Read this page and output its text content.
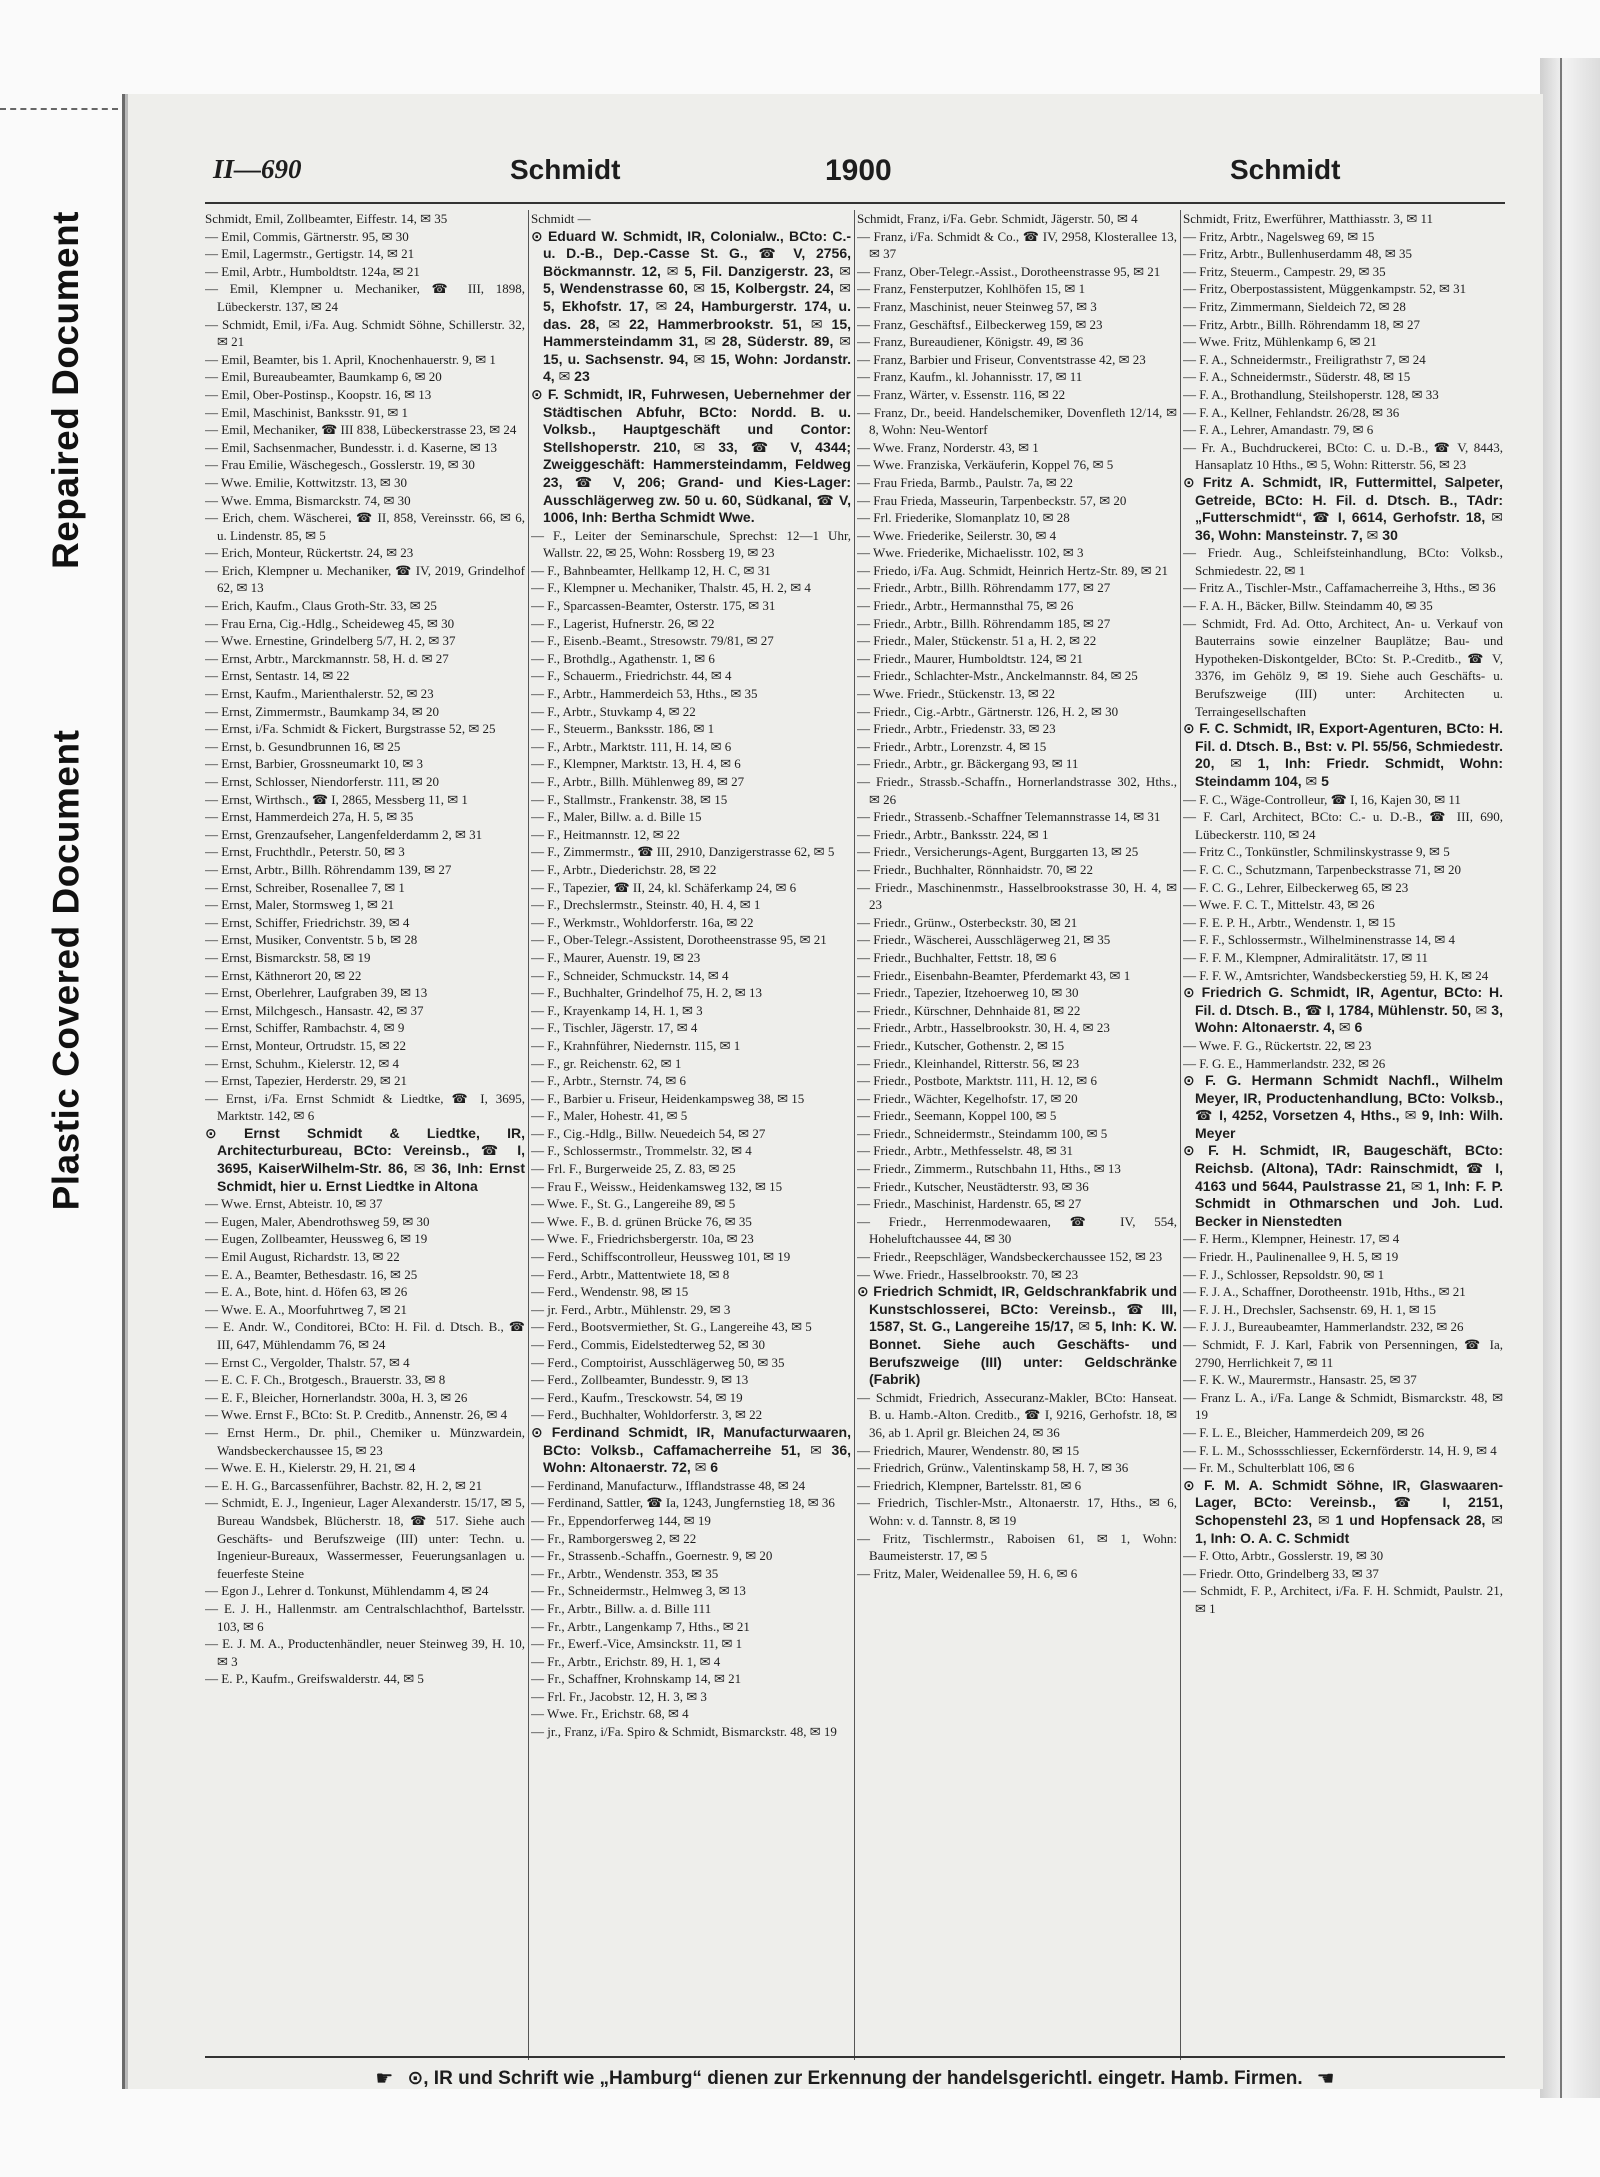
Repaired Document
Plastic Covered Document
II—690	Schmidt	1900	Schmidt

Schmidt, Emil, Zollbeamter, Eiffestr. 14, ✉ 35

— Emil, Commis, Gärtnerstr. 95, ✉ 30

— Emil, Lagermstr., Gertigstr. 14, ✉ 21

— Emil, Arbtr., Humboldtstr. 124a, ✉ 21

— Emil, Klempner u. Mechaniker, ☎ III, 1898, Lübeckerstr. 137, ✉ 24

— Schmidt, Emil, i/Fa. Aug. Schmidt Söhne, Schillerstr. 32, ✉ 21

— Emil, Beamter, bis 1. April, Knochenhauerstr. 9, ✉ 1

— Emil, Bureaubeamter, Baumkamp 6, ✉ 20

— Emil, Ober-Postinsp., Koopstr. 16, ✉ 13

— Emil, Maschinist, Banksstr. 91, ✉ 1

— Emil, Mechaniker, ☎ III 838, Lübeckerstrasse 23, ✉ 24

— Emil, Sachsenmacher, Bundesstr. i. d. Kaserne, ✉ 13

— Frau Emilie, Wäschegesch., Gosslerstr. 19, ✉ 30

— Wwe. Emilie, Kottwitzstr. 13, ✉ 30

— Wwe. Emma, Bismarckstr. 74, ✉ 30

— Erich, chem. Wäscherei, ☎ II, 858, Vereinsstr. 66, ✉ 6, u. Lindenstr. 85, ✉ 5

— Erich, Monteur, Rückertstr. 24, ✉ 23

— Erich, Klempner u. Mechaniker, ☎ IV, 2019, Grindelhof 62, ✉ 13

— Erich, Kaufm., Claus Groth-Str. 33, ✉ 25

— Frau Erna, Cig.-Hdlg., Scheideweg 45, ✉ 30

— Wwe. Ernestine, Grindelberg 5/7, H. 2, ✉ 37

— Ernst, Arbtr., Marckmannstr. 58, H. d. ✉ 27

— Ernst, Sentastr. 14, ✉ 22

— Ernst, Kaufm., Marienthalerstr. 52, ✉ 23

— Ernst, Zimmermstr., Baumkamp 34, ✉ 20

— Ernst, i/Fa. Schmidt & Fickert, Burgstrasse 52, ✉ 25

— Ernst, b. Gesundbrunnen 16, ✉ 25

— Ernst, Barbier, Grossneumarkt 10, ✉ 3

— Ernst, Schlosser, Niendorferstr. 111, ✉ 20

— Ernst, Wirthsch., ☎ I, 2865, Messberg 11, ✉ 1

— Ernst, Hammerdeich 27a, H. 5, ✉ 35

— Ernst, Grenzaufseher, Langenfelderdamm 2, ✉ 31

— Ernst, Fruchthdlr., Peterstr. 50, ✉ 3

— Ernst, Arbtr., Billh. Röhrendamm 139, ✉ 27

— Ernst, Schreiber, Rosenallee 7, ✉ 1

— Ernst, Maler, Stormsweg 1, ✉ 21

— Ernst, Schiffer, Friedrichstr. 39, ✉ 4

— Ernst, Musiker, Conventstr. 5 b, ✉ 28

— Ernst, Bismarckstr. 58, ✉ 19

— Ernst, Käthnerort 20, ✉ 22

— Ernst, Oberlehrer, Laufgraben 39, ✉ 13

— Ernst, Milchgesch., Hansastr. 42, ✉ 37

— Ernst, Schiffer, Rambachstr. 4, ✉ 9

— Ernst, Monteur, Ortrudstr. 15, ✉ 22

— Ernst, Schuhm., Kielerstr. 12, ✉ 4

— Ernst, Tapezier, Herderstr. 29, ✉ 21

— Ernst, i/Fa. Ernst Schmidt & Liedtke, ☎ I, 3695, Marktstr. 142, ✉ 6

⊙ Ernst Schmidt & Liedtke, IR, Architecturbureau, BCto: Vereinsb., ☎ I, 3695, KaiserWilhelm-Str. 86, ✉ 36, Inh: Ernst Schmidt, hier u. Ernst Liedtke in Altona

— Wwe. Ernst, Abteistr. 10, ✉ 37

— Eugen, Maler, Abendrothsweg 59, ✉ 30

— Eugen, Zollbeamter, Heussweg 6, ✉ 19

— Emil August, Richardstr. 13, ✉ 22

— E. A., Beamter, Bethesdastr. 16, ✉ 25

— E. A., Bote, hint. d. Höfen 63, ✉ 26

— Wwe. E. A., Moorfuhrtweg 7, ✉ 21

— E. Andr. W., Conditorei, BCto: H. Fil. d. Dtsch. B., ☎ III, 647, Mühlendamm 76, ✉ 24

— Ernst C., Vergolder, Thalstr. 57, ✉ 4

— E. C. F. Ch., Brotgesch., Brauerstr. 33, ✉ 8

— E. F., Bleicher, Hornerlandstr. 300a, H. 3, ✉ 26

— Wwe. Ernst F., BCto: St. P. Creditb., Annenstr. 26, ✉ 4

— Ernst Herm., Dr. phil., Chemiker u. Münzwardein, Wandsbeckerchaussee 15, ✉ 23

— Wwe. E. H., Kielerstr. 29, H. 21, ✉ 4

— E. H. G., Barcassenführer, Bachstr. 82, H. 2, ✉ 21

— Schmidt, E. J., Ingenieur, Lager Alexanderstr. 15/17, ✉ 5, Bureau Wandsbek, Blücherstr. 18, ☎ 517. Siehe auch Geschäfts- und Berufszweige (III) unter: Techn. u. Ingenieur-Bureaux, Wassermesser, Feuerungsanlagen u. feuerfeste Steine

— Egon J., Lehrer d. Tonkunst, Mühlendamm 4, ✉ 24

— E. J. H., Hallenmstr. am Centralschlachthof, Bartelsstr. 103, ✉ 6

— E. J. M. A., Productenhändler, neuer Steinweg 39, H. 10, ✉ 3

— E. P., Kaufm., Greifswalderstr. 44, ✉ 5

Schmidt —

⊙ Eduard W. Schmidt, IR, Colonialw., BCto: C.- u. D.-B., Dep.-Casse St. G., ☎ V, 2756, Böckmannstr. 12, ✉ 5, Fil. Danzigerstr. 23, ✉ 5, Wendenstrasse 60, ✉ 15, Kolbergstr. 24, ✉ 5, Ekhofstr. 17, ✉ 24, Hamburgerstr. 174, u. das. 28, ✉ 22, Hammerbrookstr. 51, ✉ 15, Hammersteindamm 31, ✉ 28, Süderstr. 89, ✉ 15, u. Sachsenstr. 94, ✉ 15, Wohn: Jordanstr. 4, ✉ 23

⊙ F. Schmidt, IR, Fuhrwesen, Uebernehmer der Städtischen Abfuhr, BCto: Nordd. B. u. Volksb., Hauptgeschäft und Contor: Stellshoperstr. 210, ✉ 33, ☎ V, 4344; Zweiggeschäft: Hammersteindamm, Feldweg 23, ☎ V, 206; Grand- und Kies-Lager: Ausschlägerweg zw. 50 u. 60, Südkanal, ☎ V, 1006, Inh: Bertha Schmidt Wwe.

— F., Leiter der Seminarschule, Sprechst: 12—1 Uhr, Wallstr. 22, ✉ 25, Wohn: Rossberg 19, ✉ 23

— F., Bahnbeamter, Hellkamp 12, H. C, ✉ 31

— F., Klempner u. Mechaniker, Thalstr. 45, H. 2, ✉ 4

— F., Sparcassen-Beamter, Osterstr. 175, ✉ 31

— F., Lagerist, Hufnerstr. 26, ✉ 22

— F., Eisenb.-Beamt., Stresowstr. 79/81, ✉ 27

— F., Brothdlg., Agathenstr. 1, ✉ 6

— F., Schauerm., Friedrichstr. 44, ✉ 4

— F., Arbtr., Hammerdeich 53, Hths., ✉ 35

— F., Arbtr., Stuvkamp 4, ✉ 22

— F., Steuerm., Banksstr. 186, ✉ 1

— F., Arbtr., Marktstr. 111, H. 14, ✉ 6

— F., Klempner, Marktstr. 13, H. 4, ✉ 6

— F., Arbtr., Billh. Mühlenweg 89, ✉ 27

— F., Stallmstr., Frankenstr. 38, ✉ 15

— F., Maler, Billw. a. d. Bille 15

— F., Heitmannstr. 12, ✉ 22

— F., Zimmermstr., ☎ III, 2910, Danzigerstrasse 62, ✉ 5

— F., Arbtr., Diederichstr. 28, ✉ 22

— F., Tapezier, ☎ II, 24, kl. Schäferkamp 24, ✉ 6

— F., Drechslermstr., Steinstr. 40, H. 4, ✉ 1

— F., Werkmstr., Wohldorferstr. 16a, ✉ 22

— F., Ober-Telegr.-Assistent, Dorotheenstrasse 95, ✉ 21

— F., Maurer, Auenstr. 19, ✉ 23

— F., Schneider, Schmuckstr. 14, ✉ 4

— F., Buchhalter, Grindelhof 75, H. 2, ✉ 13

— F., Krayenkamp 14, H. 1, ✉ 3

— F., Tischler, Jägerstr. 17, ✉ 4

— F., Krahnführer, Niedernstr. 115, ✉ 1

— F., gr. Reichenstr. 62, ✉ 1

— F., Arbtr., Sternstr. 74, ✉ 6

— F., Barbier u. Friseur, Heidenkampsweg 38, ✉ 15

— F., Maler, Hohestr. 41, ✉ 5

— F., Cig.-Hdlg., Billw. Neuedeich 54, ✉ 27

— F., Schlossermstr., Trommelstr. 32, ✉ 4

— Frl. F., Burgerweide 25, Z. 83, ✉ 25

— Frau F., Weissw., Heidenkamsweg 132, ✉ 15

— Wwe. F., St. G., Langereihe 89, ✉ 5

— Wwe. F., B. d. grünen Brücke 76, ✉ 35

— Wwe. F., Friedrichsbergerstr. 10a, ✉ 23

— Ferd., Schiffscontrolleur, Heussweg 101, ✉ 19

— Ferd., Arbtr., Mattentwiete 18, ✉ 8

— Ferd., Wendenstr. 98, ✉ 15

— jr. Ferd., Arbtr., Mühlenstr. 29, ✉ 3

— Ferd., Bootsvermiether, St. G., Langereihe 43, ✉ 5

— Ferd., Commis, Eidelstedterweg 52, ✉ 30

— Ferd., Comptoirist, Ausschlägerweg 50, ✉ 35

— Ferd., Zollbeamter, Bundesstr. 9, ✉ 13

— Ferd., Kaufm., Tresckowstr. 54, ✉ 19

— Ferd., Buchhalter, Wohldorferstr. 3, ✉ 22

⊙ Ferdinand Schmidt, IR, Manufacturwaaren, BCto: Volksb., Caffamacherreihe 51, ✉ 36, Wohn: Altonaerstr. 72, ✉ 6

— Ferdinand, Manufacturw., Ifflandstrasse 48, ✉ 24

— Ferdinand, Sattler, ☎ Ia, 1243, Jungfernstieg 18, ✉ 36

— Fr., Eppendorferweg 144, ✉ 19

— Fr., Ramborgersweg 2, ✉ 22

— Fr., Strassenb.-Schaffn., Goernestr. 9, ✉ 20

— Fr., Arbtr., Wendenstr. 353, ✉ 35

— Fr., Schneidermstr., Helmweg 3, ✉ 13

— Fr., Arbtr., Billw. a. d. Bille 111

— Fr., Arbtr., Langenkamp 7, Hths., ✉ 21

— Fr., Ewerf.-Vice, Amsinckstr. 11, ✉ 1

— Fr., Arbtr., Erichstr. 89, H. 1, ✉ 4

— Fr., Schaffner, Krohnskamp 14, ✉ 21

— Frl. Fr., Jacobstr. 12, H. 3, ✉ 3

— Wwe. Fr., Erichstr. 68, ✉ 4

— jr., Franz, i/Fa. Spiro & Schmidt, Bismarckstr. 48, ✉ 19

Schmidt, Franz, i/Fa. Gebr. Schmidt, Jägerstr. 50, ✉ 4

— Franz, i/Fa. Schmidt & Co., ☎ IV, 2958, Klosterallee 13, ✉ 37

— Franz, Ober-Telegr.-Assist., Dorotheenstrasse 95, ✉ 21

— Franz, Fensterputzer, Kohlhöfen 15, ✉ 1

— Franz, Maschinist, neuer Steinweg 57, ✉ 3

— Franz, Geschäftsf., Eilbeckerweg 159, ✉ 23

— Franz, Bureaudiener, Königstr. 49, ✉ 36

— Franz, Barbier und Friseur, Conventstrasse 42, ✉ 23

— Franz, Kaufm., kl. Johannisstr. 17, ✉ 11

— Franz, Wärter, v. Essenstr. 116, ✉ 22

— Franz, Dr., beeid. Handelschemiker, Dovenfleth 12/14, ✉ 8, Wohn: Neu-Wentorf

— Wwe. Franz, Norderstr. 43, ✉ 1

— Wwe. Franziska, Verkäuferin, Koppel 76, ✉ 5

— Frau Frieda, Barmb., Paulstr. 7a, ✉ 22

— Frau Frieda, Masseurin, Tarpenbeckstr. 57, ✉ 20

— Frl. Friederike, Slomanplatz 10, ✉ 28

— Wwe. Friederike, Seilerstr. 30, ✉ 4

— Wwe. Friederike, Michaelisstr. 102, ✉ 3

— Friedo, i/Fa. Aug. Schmidt, Heinrich Hertz-Str. 89, ✉ 21

— Friedr., Arbtr., Billh. Röhrendamm 177, ✉ 27

— Friedr., Arbtr., Hermannsthal 75, ✉ 26

— Friedr., Arbtr., Billh. Röhrendamm 185, ✉ 27

— Friedr., Maler, Stückenstr. 51 a, H. 2, ✉ 22

— Friedr., Maurer, Humboldtstr. 124, ✉ 21

— Friedr., Schlachter-Mstr., Anckelmannstr. 84, ✉ 25

— Wwe. Friedr., Stückenstr. 13, ✉ 22

— Friedr., Cig.-Arbtr., Gärtnerstr. 126, H. 2, ✉ 30

— Friedr., Arbtr., Friedenstr. 33, ✉ 23

— Friedr., Arbtr., Lorenzstr. 4, ✉ 15

— Friedr., Arbtr., gr. Bäckergang 93, ✉ 11

— Friedr., Strassb.-Schaffn., Hornerlandstrasse 302, Hths., ✉ 26

— Friedr., Strassenb.-Schaffner Telemannstrasse 14, ✉ 31

— Friedr., Arbtr., Banksstr. 224, ✉ 1

— Friedr., Versicherungs-Agent, Burggarten 13, ✉ 25

— Friedr., Buchhalter, Rönnhaidstr. 70, ✉ 22

— Friedr., Maschinenmstr., Hasselbrookstrasse 30, H. 4, ✉ 23

— Friedr., Grünw., Osterbeckstr. 30, ✉ 21

— Friedr., Wäscherei, Ausschlägerweg 21, ✉ 35

— Friedr., Buchhalter, Fettstr. 18, ✉ 6

— Friedr., Eisenbahn-Beamter, Pferdemarkt 43, ✉ 1

— Friedr., Tapezier, Itzehoerweg 10, ✉ 30

— Friedr., Kürschner, Dehnhaide 81, ✉ 22

— Friedr., Arbtr., Hasselbrookstr. 30, H. 4, ✉ 23

— Friedr., Kutscher, Gothenstr. 2, ✉ 15

— Friedr., Kleinhandel, Ritterstr. 56, ✉ 23

— Friedr., Postbote, Marktstr. 111, H. 12, ✉ 6

— Friedr., Wächter, Kegelhofstr. 17, ✉ 20

— Friedr., Seemann, Koppel 100, ✉ 5

— Friedr., Schneidermstr., Steindamm 100, ✉ 5

— Friedr., Arbtr., Methfesselstr. 48, ✉ 31

— Friedr., Zimmerm., Rutschbahn 11, Hths., ✉ 13

— Friedr., Kutscher, Neustädterstr. 93, ✉ 36

— Friedr., Maschinist, Hardenstr. 65, ✉ 27

— Friedr., Herrenmodewaaren, ☎ IV, 554, Hoheluftchaussee 44, ✉ 30

— Friedr., Reepschläger, Wandsbeckerchaussee 152, ✉ 23

— Wwe. Friedr., Hasselbrookstr. 70, ✉ 23

⊙ Friedrich Schmidt, IR, Geldschrankfabrik und Kunstschlosserei, BCto: Vereinsb., ☎ III, 1587, St. G., Langereihe 15/17, ✉ 5, Inh: K. W. Bonnet. Siehe auch Geschäfts- und Berufszweige (III) unter: Geldschränke (Fabrik)

— Schmidt, Friedrich, Assecuranz-Makler, BCto: Hanseat. B. u. Hamb.-Alton. Creditb., ☎ I, 9216, Gerhofstr. 18, ✉ 36, ab 1. April gr. Bleichen 24, ✉ 36

— Friedrich, Maurer, Wendenstr. 80, ✉ 15

— Friedrich, Grünw., Valentinskamp 58, H. 7, ✉ 36

— Friedrich, Klempner, Bartelsstr. 81, ✉ 6

— Friedrich, Tischler-Mstr., Altonaerstr. 17, Hths., ✉ 6, Wohn: v. d. Tannstr. 8, ✉ 19

— Fritz, Tischlermstr., Raboisen 61, ✉ 1, Wohn: Baumeisterstr. 17, ✉ 5

— Fritz, Maler, Weidenallee 59, H. 6, ✉ 6

Schmidt, Fritz, Ewerführer, Matthiasstr. 3, ✉ 11

— Fritz, Arbtr., Nagelsweg 69, ✉ 15

— Fritz, Arbtr., Bullenhuserdamm 48, ✉ 35

— Fritz, Steuerm., Campestr. 29, ✉ 35

— Fritz, Oberpostassistent, Müggenkampstr. 52, ✉ 31

— Fritz, Zimmermann, Sieldeich 72, ✉ 28

— Fritz, Arbtr., Billh. Röhrendamm 18, ✉ 27

— Wwe. Fritz, Mühlenkamp 6, ✉ 21

— F. A., Schneidermstr., Freiligrathstr 7, ✉ 24

— F. A., Schneidermstr., Süderstr. 48, ✉ 15

— F. A., Brothandlung, Steilshoperstr. 128, ✉ 33

— F. A., Kellner, Fehlandstr. 26/28, ✉ 36

— F. A., Lehrer, Amandastr. 79, ✉ 6

— Fr. A., Buchdruckerei, BCto: C. u. D.-B., ☎ V, 8443, Hansaplatz 10 Hths., ✉ 5, Wohn: Ritterstr. 56, ✉ 23

⊙ Fritz A. Schmidt, IR, Futtermittel, Salpeter, Getreide, BCto: H. Fil. d. Dtsch. B., TAdr: „Futterschmidt“, ☎ I, 6614, Gerhofstr. 18, ✉ 36, Wohn: Mansteinstr. 7, ✉ 30

— Friedr. Aug., Schleifsteinhandlung, BCto: Volksb., Schmiedestr. 22, ✉ 1

— Fritz A., Tischler-Mstr., Caffamacherreihe 3, Hths., ✉ 36

— F. A. H., Bäcker, Billw. Steindamm 40, ✉ 35

— Schmidt, Frd. Ad. Otto, Architect, An- u. Verkauf von Bauterrains sowie einzelner Bauplätze; Bau- und Hypotheken-Diskontgelder, BCto: St. P.-Creditb., ☎ V, 3376, im Gehölz 9, ✉ 19. Siehe auch Geschäfts- u. Berufszweige (III) unter: Architecten u. Terraingesellschaften

⊙ F. C. Schmidt, IR, Export-Agenturen, BCto: H. Fil. d. Dtsch. B., Bst: v. Pl. 55/56, Schmiedestr. 20, ✉ 1, Inh: Friedr. Schmidt, Wohn: Steindamm 104, ✉ 5

— F. C., Wäge-Controlleur, ☎ I, 16, Kajen 30, ✉ 11

— F. Carl, Architect, BCto: C.- u. D.-B., ☎ III, 690, Lübeckerstr. 110, ✉ 24

— Fritz C., Tonkünstler, Schmilinskystrasse 9, ✉ 5

— F. C. C., Schutzmann, Tarpenbeckstrasse 71, ✉ 20

— F. C. G., Lehrer, Eilbeckerweg 65, ✉ 23

— Wwe. F. C. T., Mittelstr. 43, ✉ 26

— F. E. P. H., Arbtr., Wendenstr. 1, ✉ 15

— F. F., Schlossermstr., Wilhelminenstrasse 14, ✉ 4

— F. F. M., Klempner, Admiralitätstr. 17, ✉ 11

— F. F. W., Amtsrichter, Wandsbeckerstieg 59, H. K, ✉ 24

⊙ Friedrich G. Schmidt, IR, Agentur, BCto: H. Fil. d. Dtsch. B., ☎ I, 1784, Mühlenstr. 50, ✉ 3, Wohn: Altonaerstr. 4, ✉ 6

— Wwe. F. G., Rückertstr. 22, ✉ 23

— F. G. E., Hammerlandstr. 232, ✉ 26

⊙ F. G. Hermann Schmidt Nachfl., Wilhelm Meyer, IR, Productenhandlung, BCto: Volksb., ☎ I, 4252, Vorsetzen 4, Hths., ✉ 9, Inh: Wilh. Meyer

⊙ F. H. Schmidt, IR, Baugeschäft, BCto: Reichsb. (Altona), TAdr: Rainschmidt, ☎ I, 4163 und 5644, Paulstrasse 21, ✉ 1, Inh: F. P. Schmidt in Othmarschen und Joh. Lud. Becker in Nienstedten

— F. Herm., Klempner, Heinestr. 17, ✉ 4

— Friedr. H., Paulinenallee 9, H. 5, ✉ 19

— F. J., Schlosser, Repsoldstr. 90, ✉ 1

— F. J. A., Schaffner, Dorotheenstr. 191b, Hths., ✉ 21

— F. J. H., Drechsler, Sachsenstr. 69, H. 1, ✉ 15

— F. J. J., Bureaubeamter, Hammerlandstr. 232, ✉ 26

— Schmidt, F. J. Karl, Fabrik von Persenningen, ☎ Ia, 2790, Herrlichkeit 7, ✉ 11

— F. K. W., Maurermstr., Hansastr. 25, ✉ 37

— Franz L. A., i/Fa. Lange & Schmidt, Bismarckstr. 48, ✉ 19

— F. L. E., Bleicher, Hammerdeich 209, ✉ 26

— F. L. M., Schossschliesser, Eckernförderstr. 14, H. 9, ✉ 4

— Fr. M., Schulterblatt 106, ✉ 6

⊙ F. M. A. Schmidt Söhne, IR, Glaswaaren-Lager, BCto: Vereinsb., ☎ I, 2151, Schopenstehl 23, ✉ 1 und Hopfensack 28, ✉ 1, Inh: O. A. C. Schmidt

— F. Otto, Arbtr., Gosslerstr. 19, ✉ 30

— Friedr. Otto, Grindelberg 33, ✉ 37

— Schmidt, F. P., Architect, i/Fa. F. H. Schmidt, Paulstr. 21, ✉ 1

☛ ⊙, IR und Schrift wie „Hamburg“ dienen zur Erkennung der handelsgerichtl. eingetr. Hamb. Firmen. ☚
